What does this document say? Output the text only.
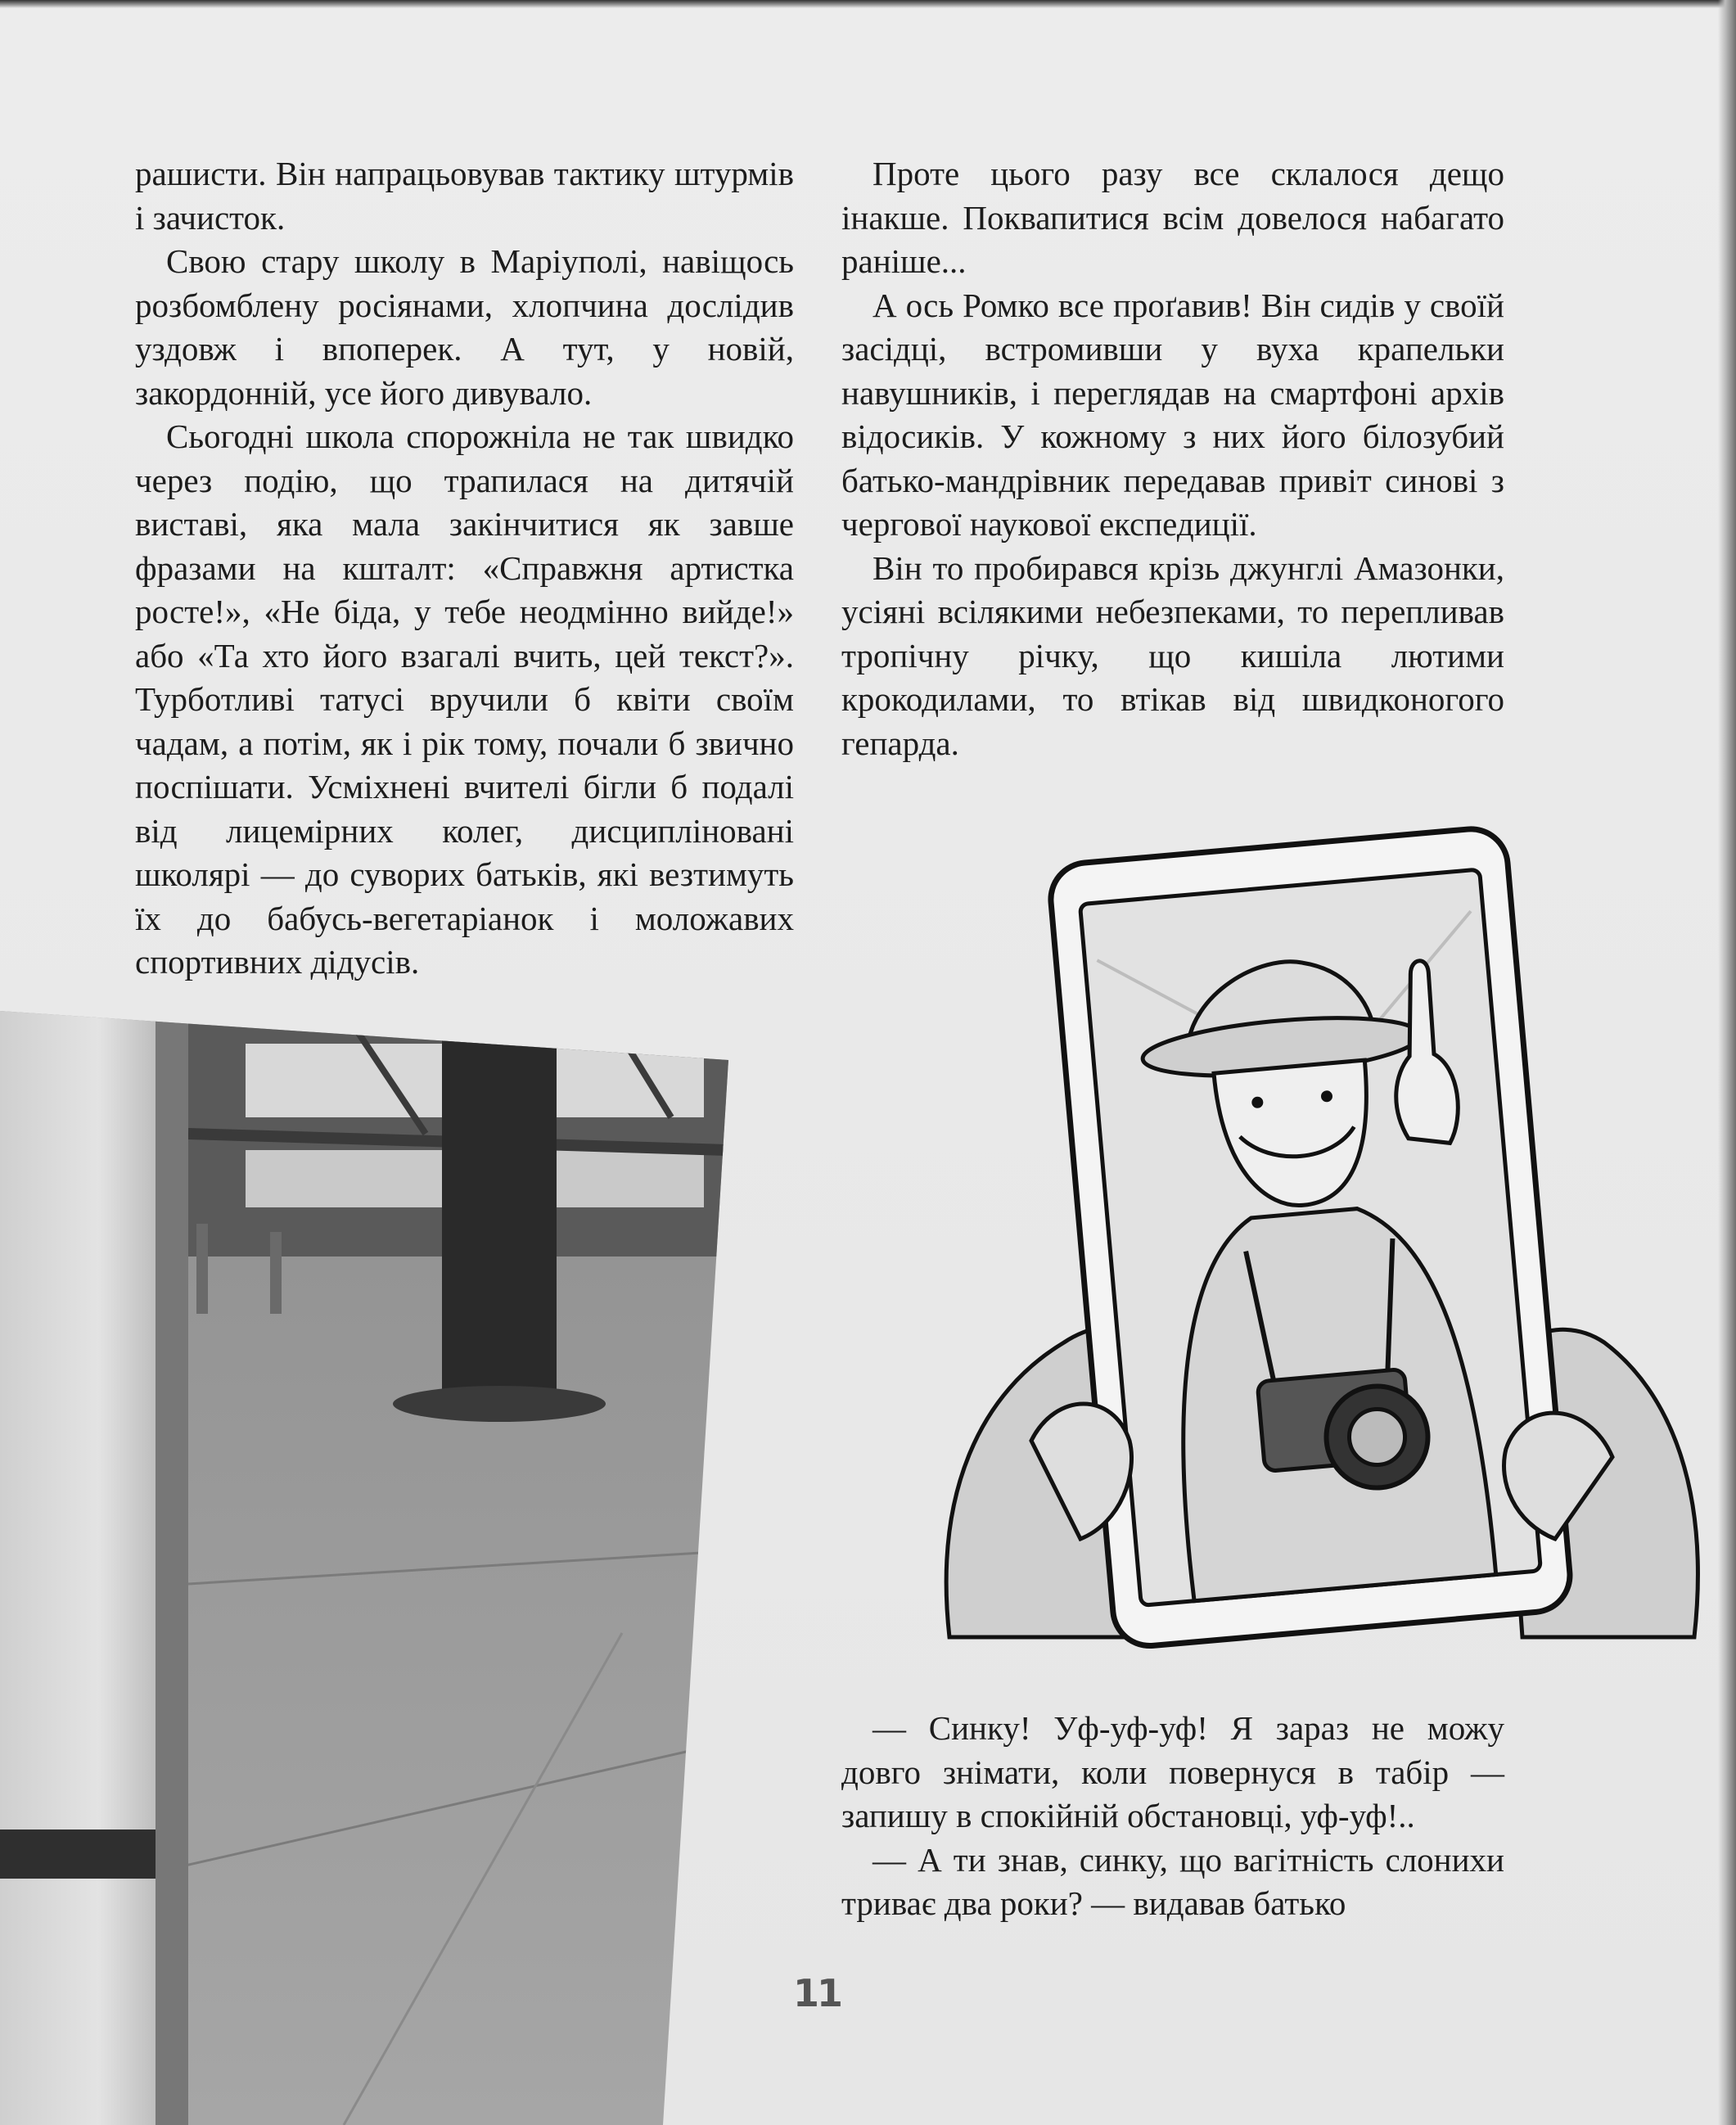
рашисти. Він напрацьовував тактику штурмів і зачисток.

Свою стару школу в Маріуполі, навіщось розбомблену росіянами, хлопчина дослідив уздовж і впоперек. А тут, у новій, закордонній, усе його дивувало.

Сьогодні школа спорожніла не так швидко через подію, що трапилася на дитячій виставі, яка мала закінчитися як завше фразами на кшталт: «Справжня артистка росте!», «Не біда, у тебе неодмінно вийде!» або «Та хто його взагалі вчить, цей текст?». Турботливі татусі вручили б квіти своїм чадам, а потім, як і рік тому, почали б звично поспішати. Усміхнені вчителі бігли б подалі від лицемірних колег, дисципліновані школярі — до суворих батьків, які везтимуть їх до бабусь-вегетаріанок і моложавих спортивних дідусів.

Проте цього разу все склалося дещо інакше. Поквапитися всім довелося набагато раніше...

А ось Ромко все проґавив! Він сидів у своїй засідці, встромивши у вуха крапельки навушників, і переглядав на смартфоні архів відосиків. У кожному з них його білозубий батько-мандрівник передавав привіт синові з чергової наукової експедиції.

Він то пробирався крізь джунглі Амазонки, усіяні всілякими небезпеками, то перепливав тропічну річку, що кишіла лютими крокодилами, то втікав від швидконогого гепарда.

— Синку! Уф-уф-уф! Я зараз не можу довго знімати, коли повернуся в табір — запишу в спокійній обстановці, уф-уф!..

— А ти знав, синку, що вагітність слонихи триває два роки? — видавав батько

11
